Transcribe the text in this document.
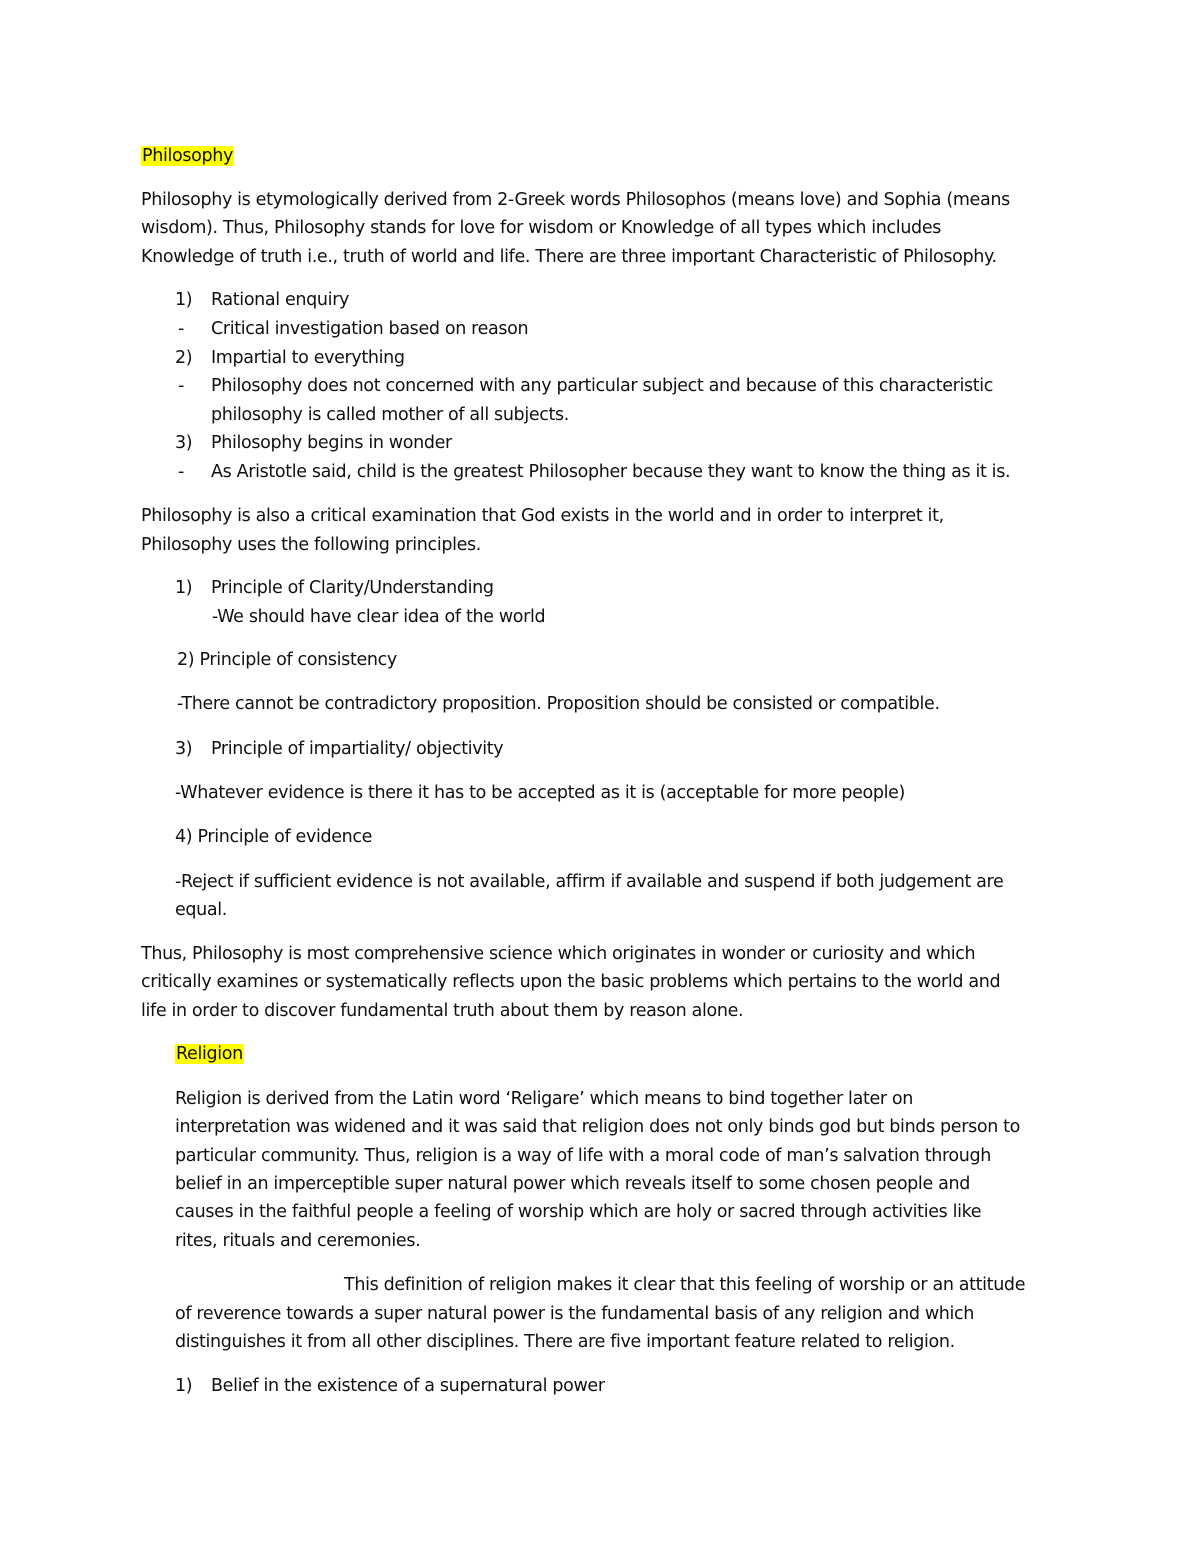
Philosophy
Philosophy is etymologically derived from 2-Greek words Philosophos (means love) and Sophia (means
wisdom). Thus, Philosophy stands for love for wisdom or Knowledge of all types which includes
Knowledge of truth i.e., truth of world and life. There are three important Characteristic of Philosophy.
1) Rational enquiry
- Critical investigation based on reason
2) Impartial to everything
- Philosophy does not concerned with any particular subject and because of this characteristic
philosophy is called mother of all subjects.
3) Philosophy begins in wonder
- As Aristotle said, child is the greatest Philosopher because they want to know the thing as it is.
Philosophy is also a critical examination that God exists in the world and in order to interpret it,
Philosophy uses the following principles.
1) Principle of Clarity/Understanding
-We should have clear idea of the world
2) Principle of consistency
-There cannot be contradictory proposition. Proposition should be consisted or compatible.
3) Principle of impartiality/ objectivity
-Whatever evidence is there it has to be accepted as it is (acceptable for more people)
4) Principle of evidence
-Reject if sufficient evidence is not available, affirm if available and suspend if both judgement are
equal.
Thus, Philosophy is most comprehensive science which originates in wonder or curiosity and which
critically examines or systematically reflects upon the basic problems which pertains to the world and
life in order to discover fundamental truth about them by reason alone.
Religion
Religion is derived from the Latin word ‘Religare’ which means to bind together later on
interpretation was widened and it was said that religion does not only binds god but binds person to
particular community. Thus, religion is a way of life with a moral code of man’s salvation through
belief in an imperceptible super natural power which reveals itself to some chosen people and
causes in the faithful people a feeling of worship which are holy or sacred through activities like
rites, rituals and ceremonies.
This definition of religion makes it clear that this feeling of worship or an attitude
of reverence towards a super natural power is the fundamental basis of any religion and which
distinguishes it from all other disciplines. There are five important feature related to religion.
1) Belief in the existence of a supernatural power
